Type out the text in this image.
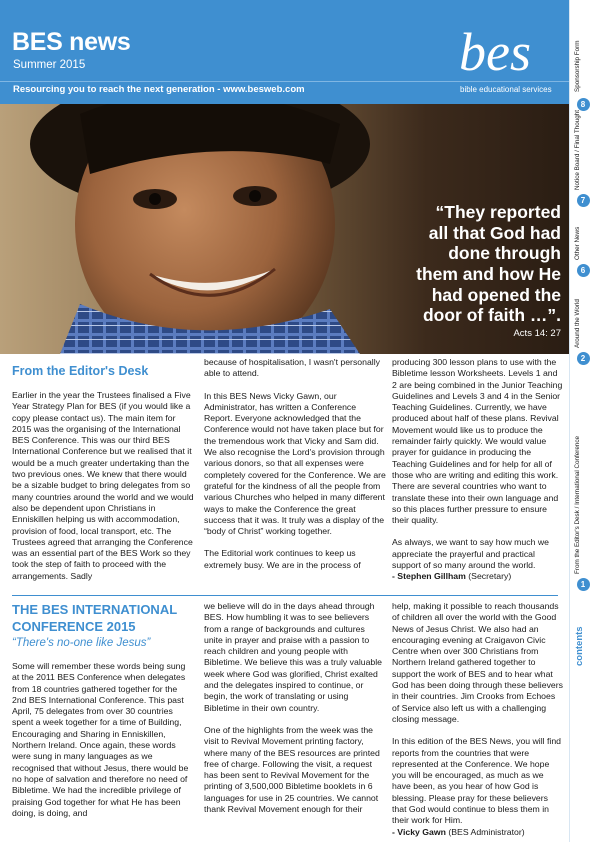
BES news
Summer 2015
Resourcing you to reach the next generation - www.besweb.com
bes
bible educational services
8
Sponsorship Form
7
Notice Board / Final Thought
6
Other News
2
Around the World
1
From the Editor's Desk / International Conference
contents
“They reported all that God had done through them and how He had opened the door of faith …”.
Acts 14: 27
From the Editor's Desk

Earlier in the year the Trustees finalised a Five Year Strategy Plan for BES (if you would like a copy please contact us). The main item for 2015 was the organising of the International BES Conference. This was our third BES International Conference but we realised that it would be a much greater undertaking than the two previous ones. We knew that there would be a sizable budget to bring delegates from so many countries around the world and we would also be dependent upon Christians in Enniskillen helping us with accommodation, provision of food, local transport, etc. The Trustees agreed that arranging the Conference was an essential part of the BES Work so they took the step of faith to proceed with the arrangements. Sadly

because of hospitalisation, I wasn't personally able to attend.

In this BES News Vicky Gawn, our Administrator, has written a Conference Report. Everyone acknowledged that the Conference would not have taken place but for the tremendous work that Vicky and Sam did. We also recognise the Lord's provision through various donors, so that all expenses were completely covered for the Conference. We are grateful for the kindness of all the people from various Churches who helped in many different ways to make the Conference the great success that it was. It truly was a display of the “body of Christ” working together.

The Editorial work continues to keep us extremely busy. We are in the process of

producing 300 lesson plans to use with the Bibletime lesson Worksheets. Levels 1 and 2 are being combined in the Junior Teaching Guidelines and Levels 3 and 4 in the Senior Teaching Guidelines. Currently, we have produced about half of these plans. Revival Movement would like us to produce the remainder fairly quickly. We would value prayer for guidance in producing the Teaching Guidelines and for help for all of those who are writing and editing this work. There are several countries who want to translate these into their own language and so this places further pressure to ensure their quality.

As always, we want to say how much we appreciate the prayerful and practical support of so many around the world.

- Stephen Gillham (Secretary)
THE BES INTERNATIONAL
CONFERENCE 2015
“There's no-one like Jesus”

Some will remember these words being sung at the 2011 BES Conference when delegates from 18 countries gathered together for the 2nd BES International Conference. This past April, 75 delegates from over 30 countries spent a week together for a time of Building, Encouraging and Sharing in Enniskillen, Northern Ireland. Once again, these words were sung in many languages as we recognised that without Jesus, there would be no hope of salvation and therefore no need of Bibletime. We had the incredible privilege of praising God together for what He has been doing, is doing, and

we believe will do in the days ahead through BES. How humbling it was to see believers from a range of backgrounds and cultures unite in prayer and praise with a passion to reach children and young people with Bibletime. We believe this was a truly valuable week where God was glorified, Christ exalted and the delegates inspired to continue, or begin, the work of translating or using Bibletime in their own country.

One of the highlights from the week was the visit to Revival Movement printing factory, where many of the BES resources are printed free of charge. Following the visit, a request has been sent to Revival Movement for the printing of 3,500,000 Bibletime booklets in 6 languages for use in 25 countries. We cannot thank Revival Movement enough for their

help, making it possible to reach thousands of children all over the world with the Good News of Jesus Christ. We also had an encouraging evening at Craigavon Civic Centre when over 300 Christians from Northern Ireland gathered together to support the work of BES and to hear what God has been doing through these believers in their countries. Jim Crooks from Echoes of Service also left us with a challenging closing message.

In this edition of the BES News, you will find reports from the countries that were represented at the Conference. We hope you will be encouraged, as much as we have been, as you hear of how God is blessing. Please pray for these believers that God would continue to bless them in their work for Him.

- Vicky Gawn (BES Administrator)
